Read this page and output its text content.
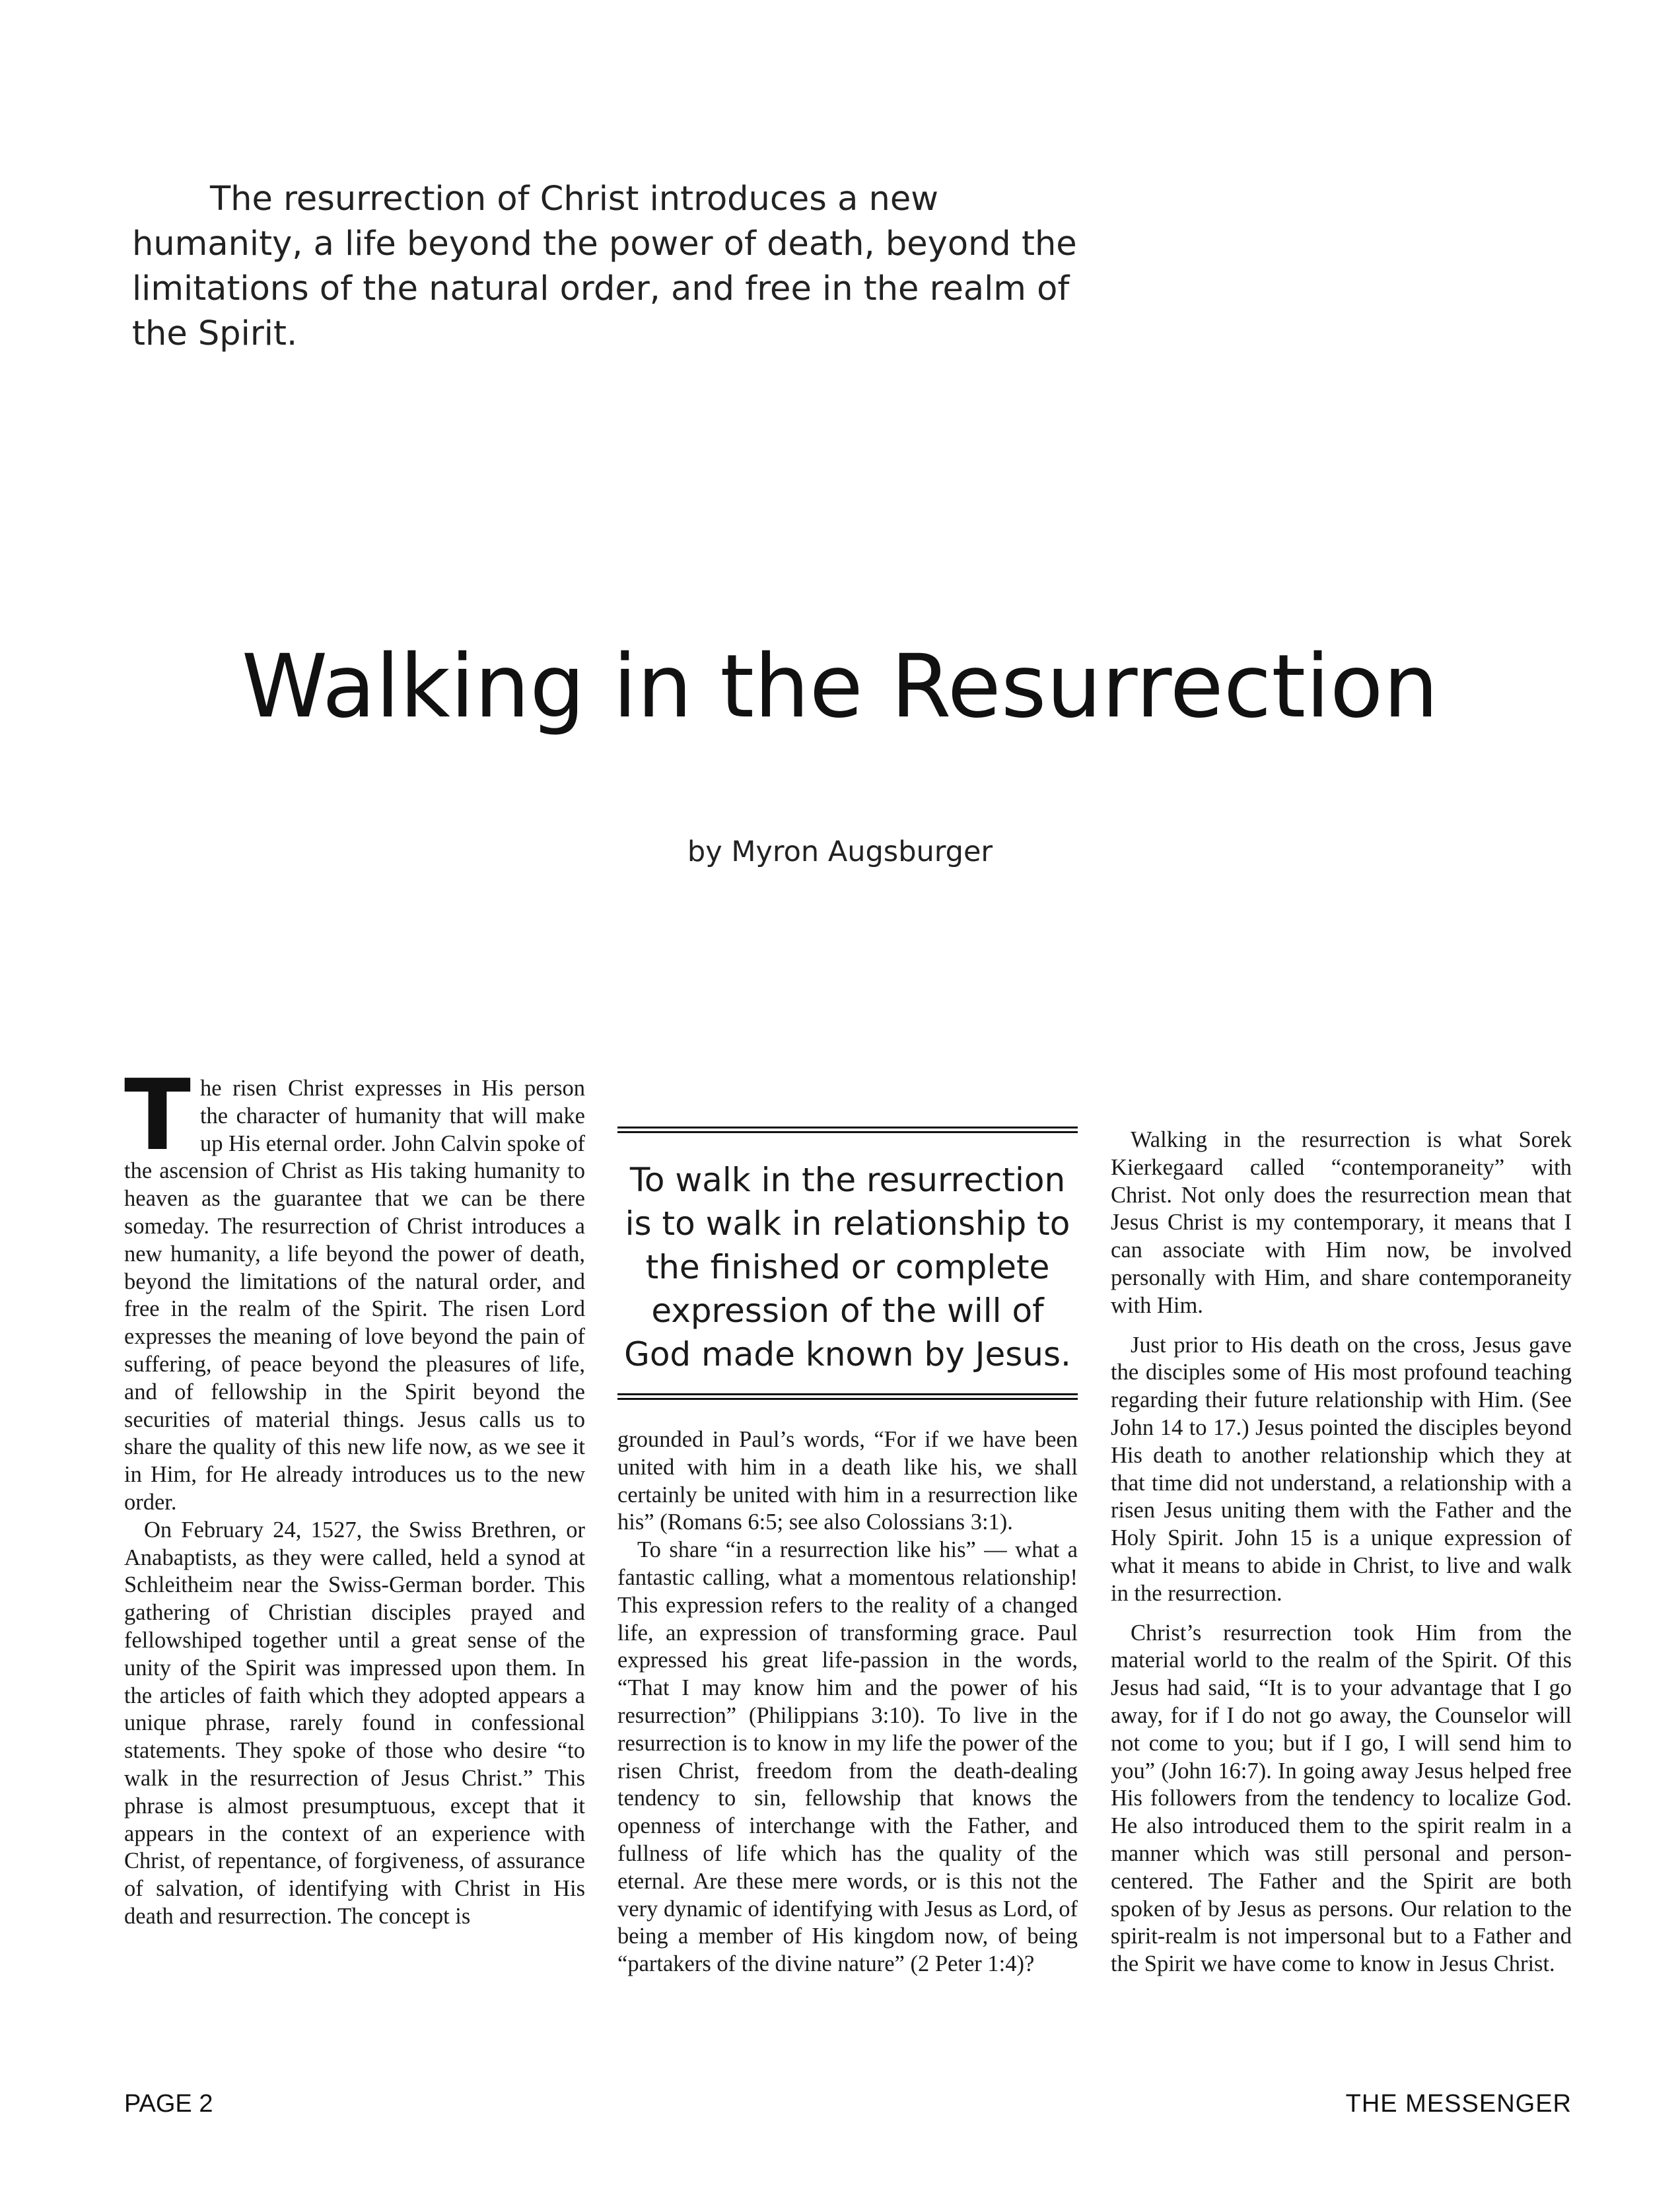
The resurrection of Christ introduces a new humanity, a life beyond the power of death, beyond the limitations of the natural order, and free in the realm of the Spirit.

Walking in the Resurrection

by Myron Augsburger

The risen Christ expresses in His person the character of humanity that will make up His eternal order. John Calvin spoke of the ascension of Christ as His taking humanity to heaven as the guarantee that we can be there someday. The resurrection of Christ introduces a new humanity, a life beyond the power of death, beyond the limitations of the natural order, and free in the realm of the Spirit. The risen Lord expresses the meaning of love beyond the pain of suffering, of peace beyond the pleasures of life, and of fellowship in the Spirit beyond the securities of material things. Jesus calls us to share the quality of this new life now, as we see it in Him, for He already introduces us to the new order.

On February 24, 1527, the Swiss Brethren, or Anabaptists, as they were called, held a synod at Schleitheim near the Swiss-German border. This gathering of Christian disciples prayed and fellowshiped together until a great sense of the unity of the Spirit was impressed upon them. In the articles of faith which they adopted appears a unique phrase, rarely found in confessional statements. They spoke of those who desire “to walk in the resurrection of Jesus Christ.” This phrase is almost presumptuous, except that it appears in the context of an experience with Christ, of repentance, of forgiveness, of assurance of salvation, of identifying with Christ in His death and resurrection. The concept is

To walk in the resurrection is to walk in relationship to the finished or complete expression of the will of God made known by Jesus.

grounded in Paul’s words, “For if we have been united with him in a death like his, we shall certainly be united with him in a resurrection like his” (Romans 6:5; see also Colossians 3:1).

To share “in a resurrection like his” — what a fantastic calling, what a momentous relationship! This expression refers to the reality of a changed life, an expression of transforming grace. Paul expressed his great life-passion in the words, “That I may know him and the power of his resurrection” (Philippians 3:10). To live in the resurrection is to know in my life the power of the risen Christ, freedom from the death-dealing tendency to sin, fellowship that knows the openness of interchange with the Father, and fullness of life which has the quality of the eternal. Are these mere words, or is this not the very dynamic of identifying with Jesus as Lord, of being a member of His kingdom now, of being “partakers of the divine nature” (2 Peter 1:4)?

Walking in the resurrection is what Sorek Kierkegaard called “contemporaneity” with Christ. Not only does the resurrection mean that Jesus Christ is my contemporary, it means that I can associate with Him now, be involved personally with Him, and share contemporaneity with Him.

Just prior to His death on the cross, Jesus gave the disciples some of His most profound teaching regarding their future relationship with Him. (See John 14 to 17.) Jesus pointed the disciples beyond His death to another relationship which they at that time did not understand, a relationship with a risen Jesus uniting them with the Father and the Holy Spirit. John 15 is a unique expression of what it means to abide in Christ, to live and walk in the resurrection.

Christ’s resurrection took Him from the material world to the realm of the Spirit. Of this Jesus had said, “It is to your advantage that I go away, for if I do not go away, the Counselor will not come to you; but if I go, I will send him to you” (John 16:7). In going away Jesus helped free His followers from the tendency to localize God. He also introduced them to the spirit realm in a manner which was still personal and person-centered. The Father and the Spirit are both spoken of by Jesus as persons. Our relation to the spirit-realm is not impersonal but to a Father and the Spirit we have come to know in Jesus Christ.

PAGE 2	THE MESSENGER
